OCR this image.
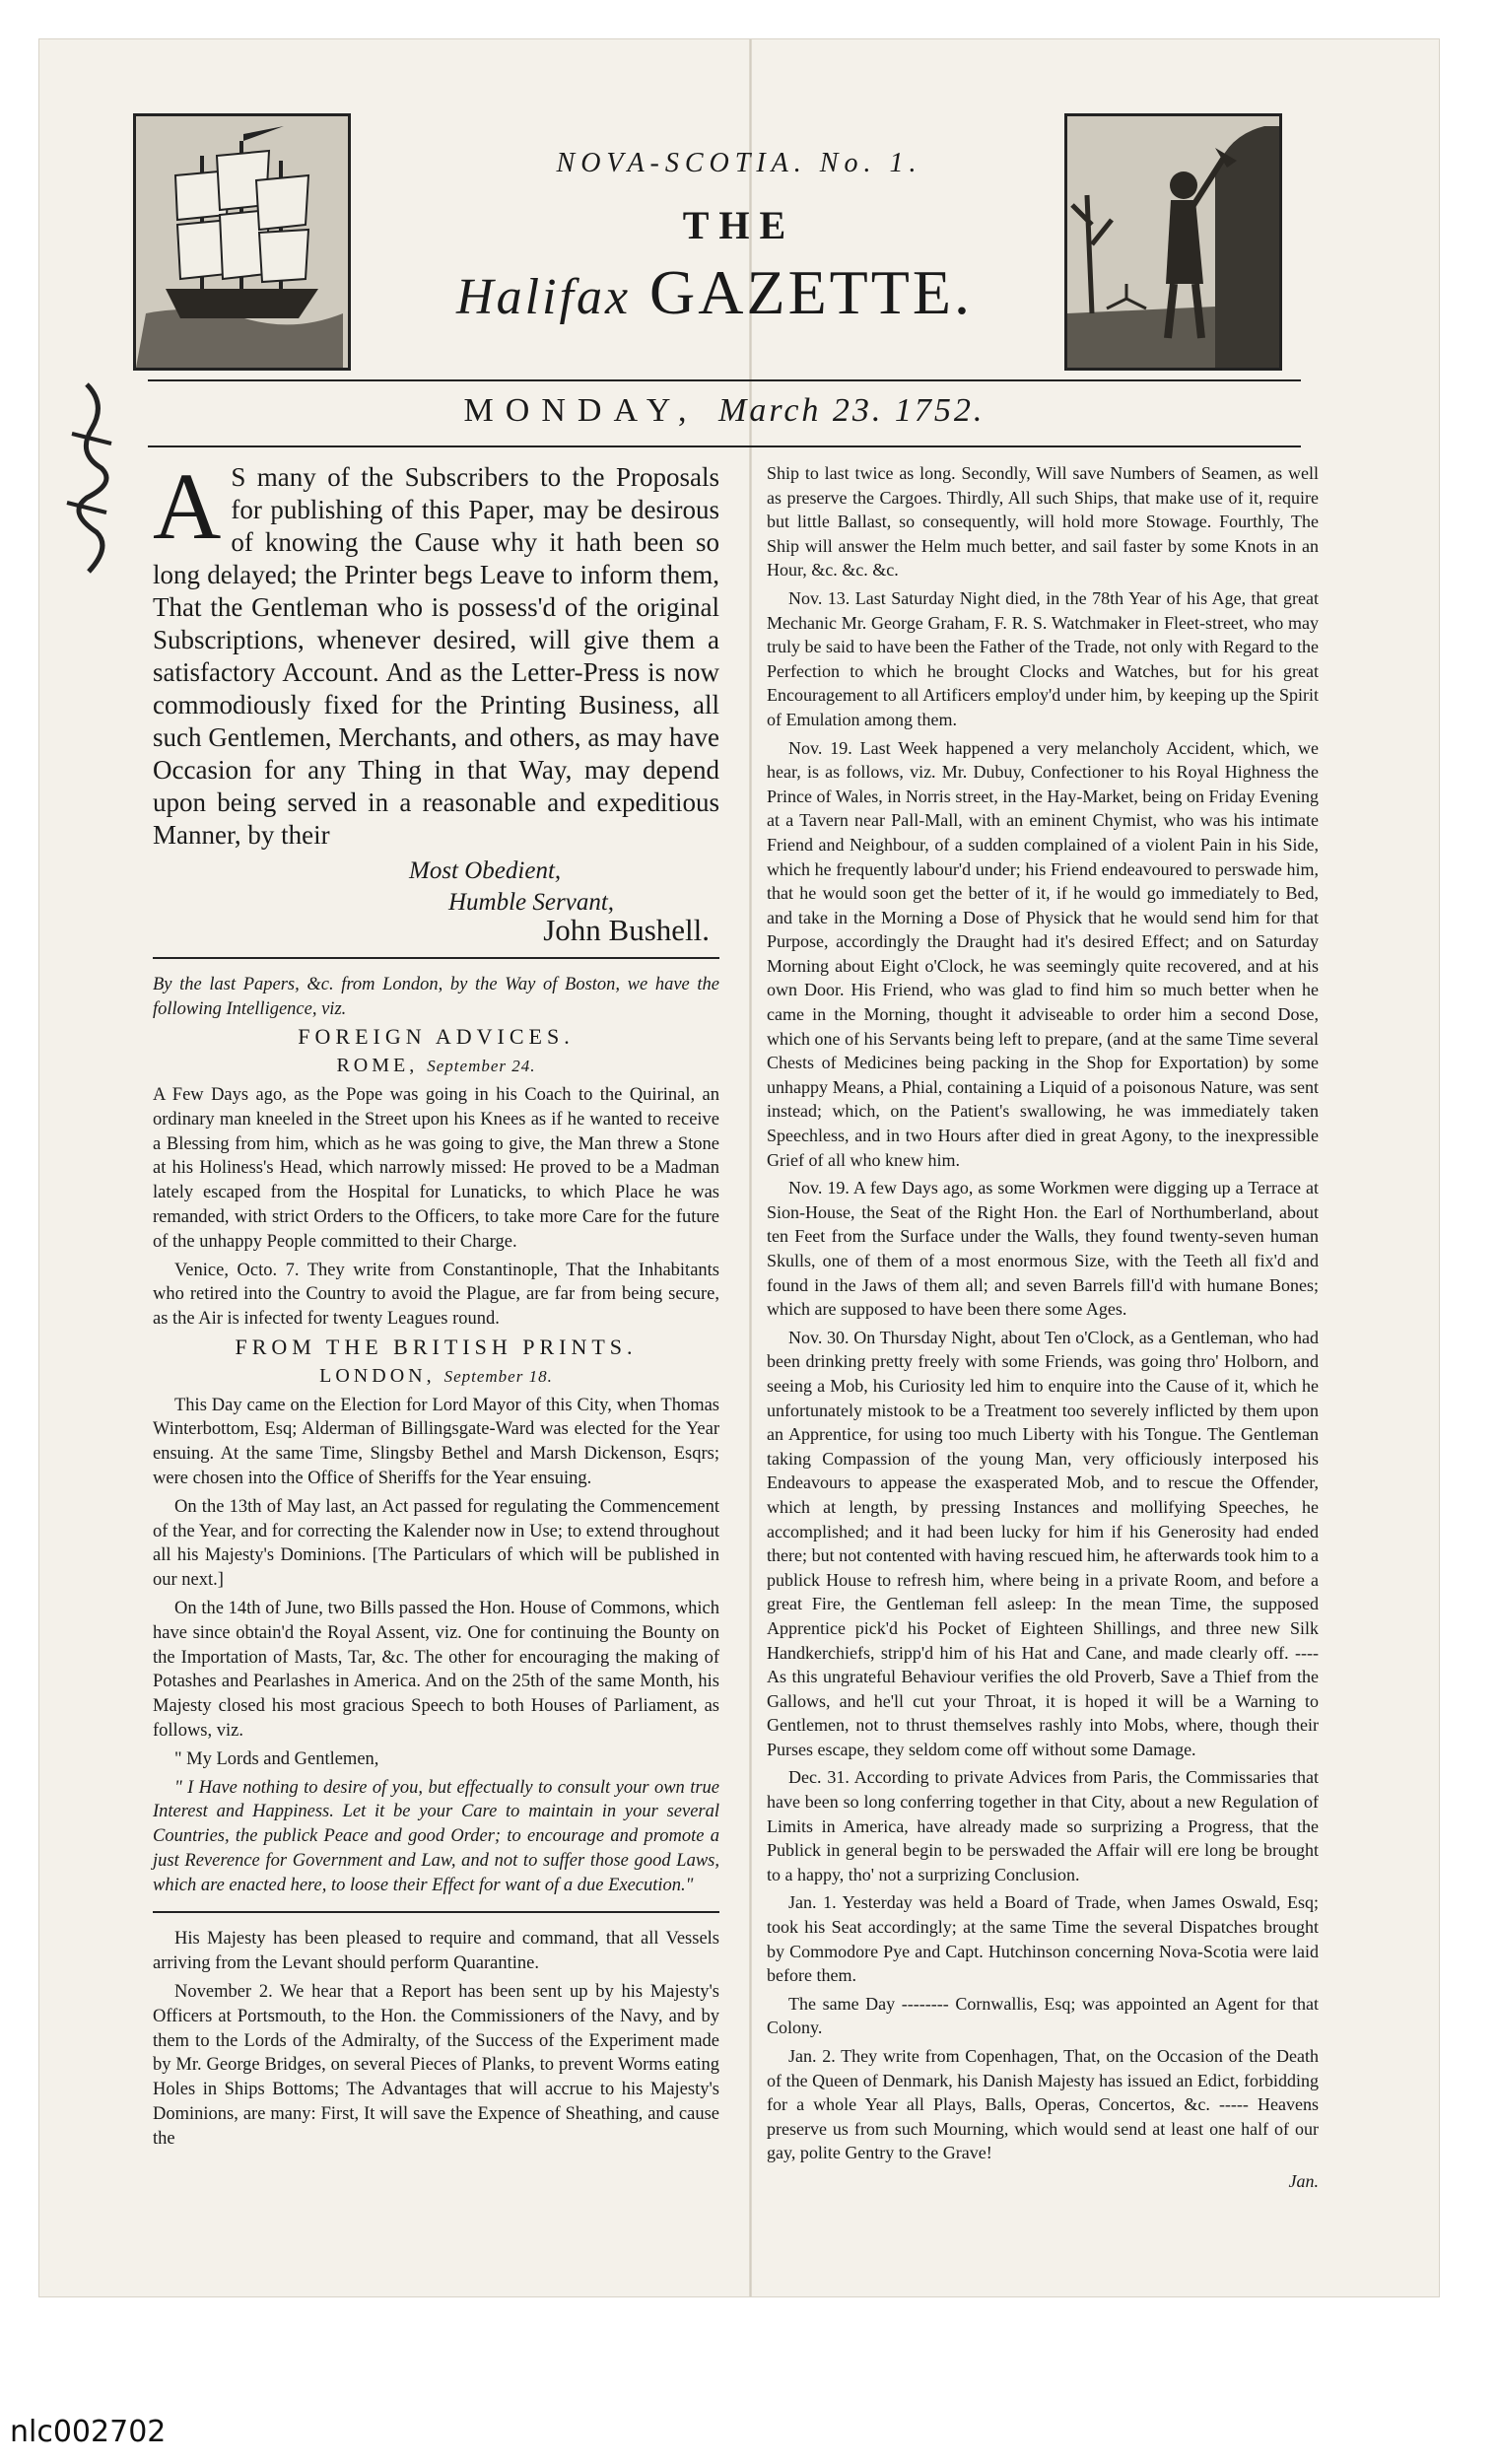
NOVA-SCOTIA. No. 1.
THE
Halifax GAZETTE.
MONDAY, March 23. 1752.

A S many of the Subscribers to the Proposals for publishing of this Paper, may be desirous of knowing the Cause why it hath been so long delayed; the Printer begs Leave to inform them, That the Gentleman who is possess'd of the original Subscriptions, whenever desired, will give them a satisfactory Account. And as the Letter-Press is now commodiously fixed for the Printing Business, all such Gentlemen, Merchants, and others, as may have Occasion for any Thing in that Way, may depend upon being served in a reasonable and expeditious Manner, by their

Most Obedient,
Humble Servant,
John Bushell.

By the last Papers, &c. from London, by the Way of Boston, we have the following Intelligence, viz.

FOREIGN ADVICES.

ROME, September 24.

A Few Days ago, as the Pope was going in his Coach to the Quirinal, an ordinary man kneeled in the Street upon his Knees as if he wanted to receive a Blessing from him, which as he was going to give, the Man threw a Stone at his Holiness's Head, which narrowly missed: He proved to be a Madman lately escaped from the Hospital for Lunaticks, to which Place he was remanded, with strict Orders to the Officers, to take more Care for the future of the unhappy People committed to their Charge.

Venice, Octo. 7. They write from Constantinople, That the Inhabitants who retired into the Country to avoid the Plague, are far from being secure, as the Air is infected for twenty Leagues round.

FROM THE BRITISH PRINTS.

LONDON, September 18.

This Day came on the Election for Lord Mayor of this City, when Thomas Winterbottom, Esq; Alderman of Billingsgate-Ward was elected for the Year ensuing. At the same Time, Slingsby Bethel and Marsh Dickenson, Esqrs; were chosen into the Office of Sheriffs for the Year ensuing.

On the 13th of May last, an Act passed for regulating the Commencement of the Year, and for correcting the Kalender now in Use; to extend throughout all his Majesty's Dominions. [The Particulars of which will be published in our next.]

On the 14th of June, two Bills passed the Hon. House of Commons, which have since obtain'd the Royal Assent, viz. One for continuing the Bounty on the Importation of Masts, Tar, &c. The other for encouraging the making of Potashes and Pearlashes in America. And on the 25th of the same Month, his Majesty closed his most gracious Speech to both Houses of Parliament, as follows, viz.

" My Lords and Gentlemen,

" I Have nothing to desire of you, but effectually to consult your own true Interest and Happiness. Let it be your Care to maintain in your several Countries, the publick Peace and good Order; to encourage and promote a just Reverence for Government and Law, and not to suffer those good Laws, which are enacted here, to loose their Effect for want of a due Execution."

His Majesty has been pleased to require and command, that all Vessels arriving from the Levant should perform Quarantine.

November 2. We hear that a Report has been sent up by his Majesty's Officers at Portsmouth, to the Hon. the Commissioners of the Navy, and by them to the Lords of the Admiralty, of the Success of the Experiment made by Mr. George Bridges, on several Pieces of Planks, to prevent Worms eating Holes in Ships Bottoms; The Advantages that will accrue to his Majesty's Dominions, are many: First, It will save the Expence of Sheathing, and cause the

Ship to last twice as long. Secondly, Will save Numbers of Seamen, as well as preserve the Cargoes. Thirdly, All such Ships, that make use of it, require but little Ballast, so consequently, will hold more Stowage. Fourthly, The Ship will answer the Helm much better, and sail faster by some Knots in an Hour, &c. &c. &c.

Nov. 13. Last Saturday Night died, in the 78th Year of his Age, that great Mechanic Mr. George Graham, F. R. S. Watchmaker in Fleet-street, who may truly be said to have been the Father of the Trade, not only with Regard to the Perfection to which he brought Clocks and Watches, but for his great Encouragement to all Artificers employ'd under him, by keeping up the Spirit of Emulation among them.

Nov. 19. Last Week happened a very melancholy Accident, which, we hear, is as follows, viz. Mr. Dubuy, Confectioner to his Royal Highness the Prince of Wales, in Norris street, in the Hay-Market, being on Friday Evening at a Tavern near Pall-Mall, with an eminent Chymist, who was his intimate Friend and Neighbour, of a sudden complained of a violent Pain in his Side, which he frequently labour'd under; his Friend endeavoured to perswade him, that he would soon get the better of it, if he would go immediately to Bed, and take in the Morning a Dose of Physick that he would send him for that Purpose, accordingly the Draught had it's desired Effect; and on Saturday Morning about Eight o'Clock, he was seemingly quite recovered, and at his own Door. His Friend, who was glad to find him so much better when he came in the Morning, thought it adviseable to order him a second Dose, which one of his Servants being left to prepare, (and at the same Time several Chests of Medicines being packing in the Shop for Exportation) by some unhappy Means, a Phial, containing a Liquid of a poisonous Nature, was sent instead; which, on the Patient's swallowing, he was immediately taken Speechless, and in two Hours after died in great Agony, to the inexpressible Grief of all who knew him.

Nov. 19. A few Days ago, as some Workmen were digging up a Terrace at Sion-House, the Seat of the Right Hon. the Earl of Northumberland, about ten Feet from the Surface under the Walls, they found twenty-seven human Skulls, one of them of a most enormous Size, with the Teeth all fix'd and found in the Jaws of them all; and seven Barrels fill'd with humane Bones; which are supposed to have been there some Ages.

Nov. 30. On Thursday Night, about Ten o'Clock, as a Gentleman, who had been drinking pretty freely with some Friends, was going thro' Holborn, and seeing a Mob, his Curiosity led him to enquire into the Cause of it, which he unfortunately mistook to be a Treatment too severely inflicted by them upon an Apprentice, for using too much Liberty with his Tongue. The Gentleman taking Compassion of the young Man, very officiously interposed his Endeavours to appease the exasperated Mob, and to rescue the Offender, which at length, by pressing Instances and mollifying Speeches, he accomplished; and it had been lucky for him if his Generosity had ended there; but not contented with having rescued him, he afterwards took him to a publick House to refresh him, where being in a private Room, and before a great Fire, the Gentleman fell asleep: In the mean Time, the supposed Apprentice pick'd his Pocket of Eighteen Shillings, and three new Silk Handkerchiefs, stripp'd him of his Hat and Cane, and made clearly off. ---- As this ungrateful Behaviour verifies the old Proverb, Save a Thief from the Gallows, and he'll cut your Throat, it is hoped it will be a Warning to Gentlemen, not to thrust themselves rashly into Mobs, where, though their Purses escape, they seldom come off without some Damage.

Dec. 31. According to private Advices from Paris, the Commissaries that have been so long conferring together in that City, about a new Regulation of Limits in America, have already made so surprizing a Progress, that the Publick in general begin to be perswaded the Affair will ere long be brought to a happy, tho' not a surprizing Conclusion.

Jan. 1. Yesterday was held a Board of Trade, when James Oswald, Esq; took his Seat accordingly; at the same Time the several Dispatches brought by Commodore Pye and Capt. Hutchinson concerning Nova-Scotia were laid before them.

The same Day -------- Cornwallis, Esq; was appointed an Agent for that Colony.

Jan. 2. They write from Copenhagen, That, on the Occasion of the Death of the Queen of Denmark, his Danish Majesty has issued an Edict, forbidding for a whole Year all Plays, Balls, Operas, Concertos, &c. ----- Heavens preserve us from such Mourning, which would send at least one half of our gay, polite Gentry to the Grave!

Jan.

nlc002702
